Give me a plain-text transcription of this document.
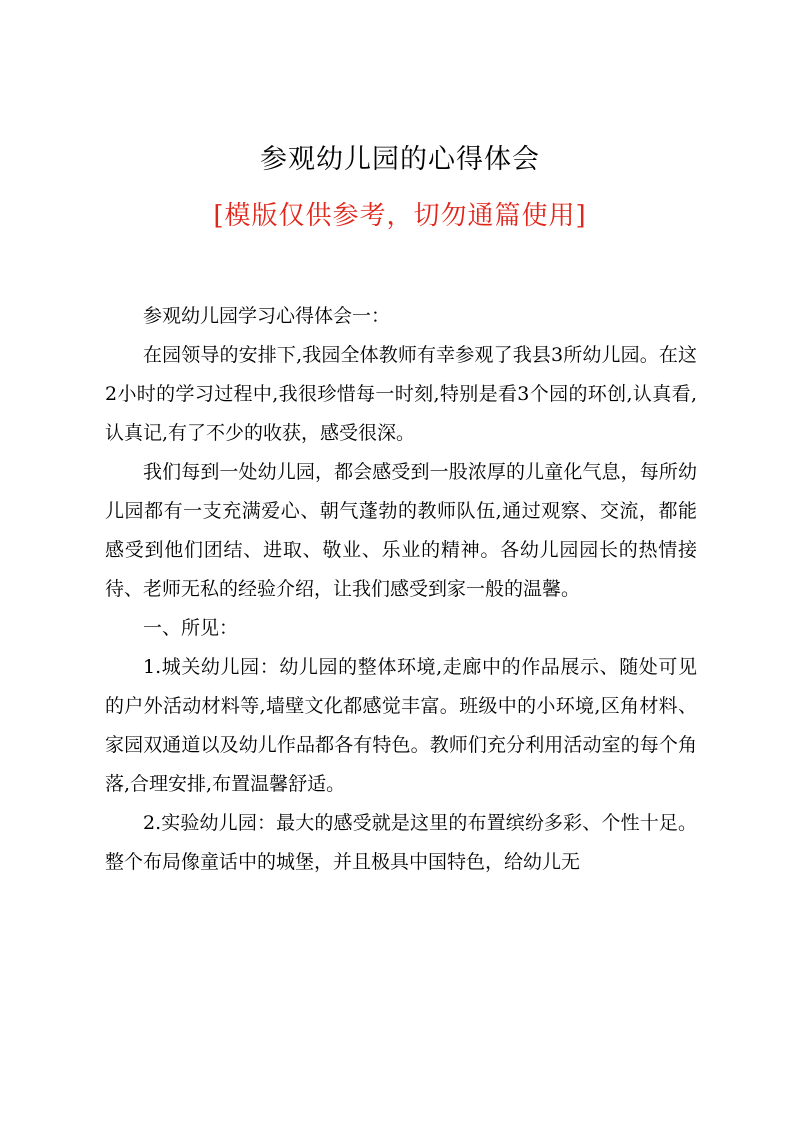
参观幼儿园的心得体会
[模版仅供参考，切勿通篇使用]

参观幼儿园学习心得体会一：

在园领导的安排下,我园全体教师有幸参观了我县3所幼儿园。在这2小时的学习过程中,我很珍惜每一时刻,特别是看3个园的环创,认真看,认真记,有了不少的收获，感受很深。

我们每到一处幼儿园，都会感受到一股浓厚的儿童化气息，每所幼儿园都有一支充满爱心、朝气蓬勃的教师队伍,通过观察、交流，都能感受到他们团结、进取、敬业、乐业的精神。各幼儿园园长的热情接待、老师无私的经验介绍，让我们感受到家一般的温馨。

一、所见：

1.城关幼儿园：幼儿园的整体环境,走廊中的作品展示、随处可见的户外活动材料等,墙壁文化都感觉丰富。班级中的小环境,区角材料、家园双通道以及幼儿作品都各有特色。教师们充分利用活动室的每个角落,合理安排,布置温馨舒适。

2.实验幼儿园：最大的感受就是这里的布置缤纷多彩、个性十足。整个布局像童话中的城堡，并且极具中国特色，给幼儿无
